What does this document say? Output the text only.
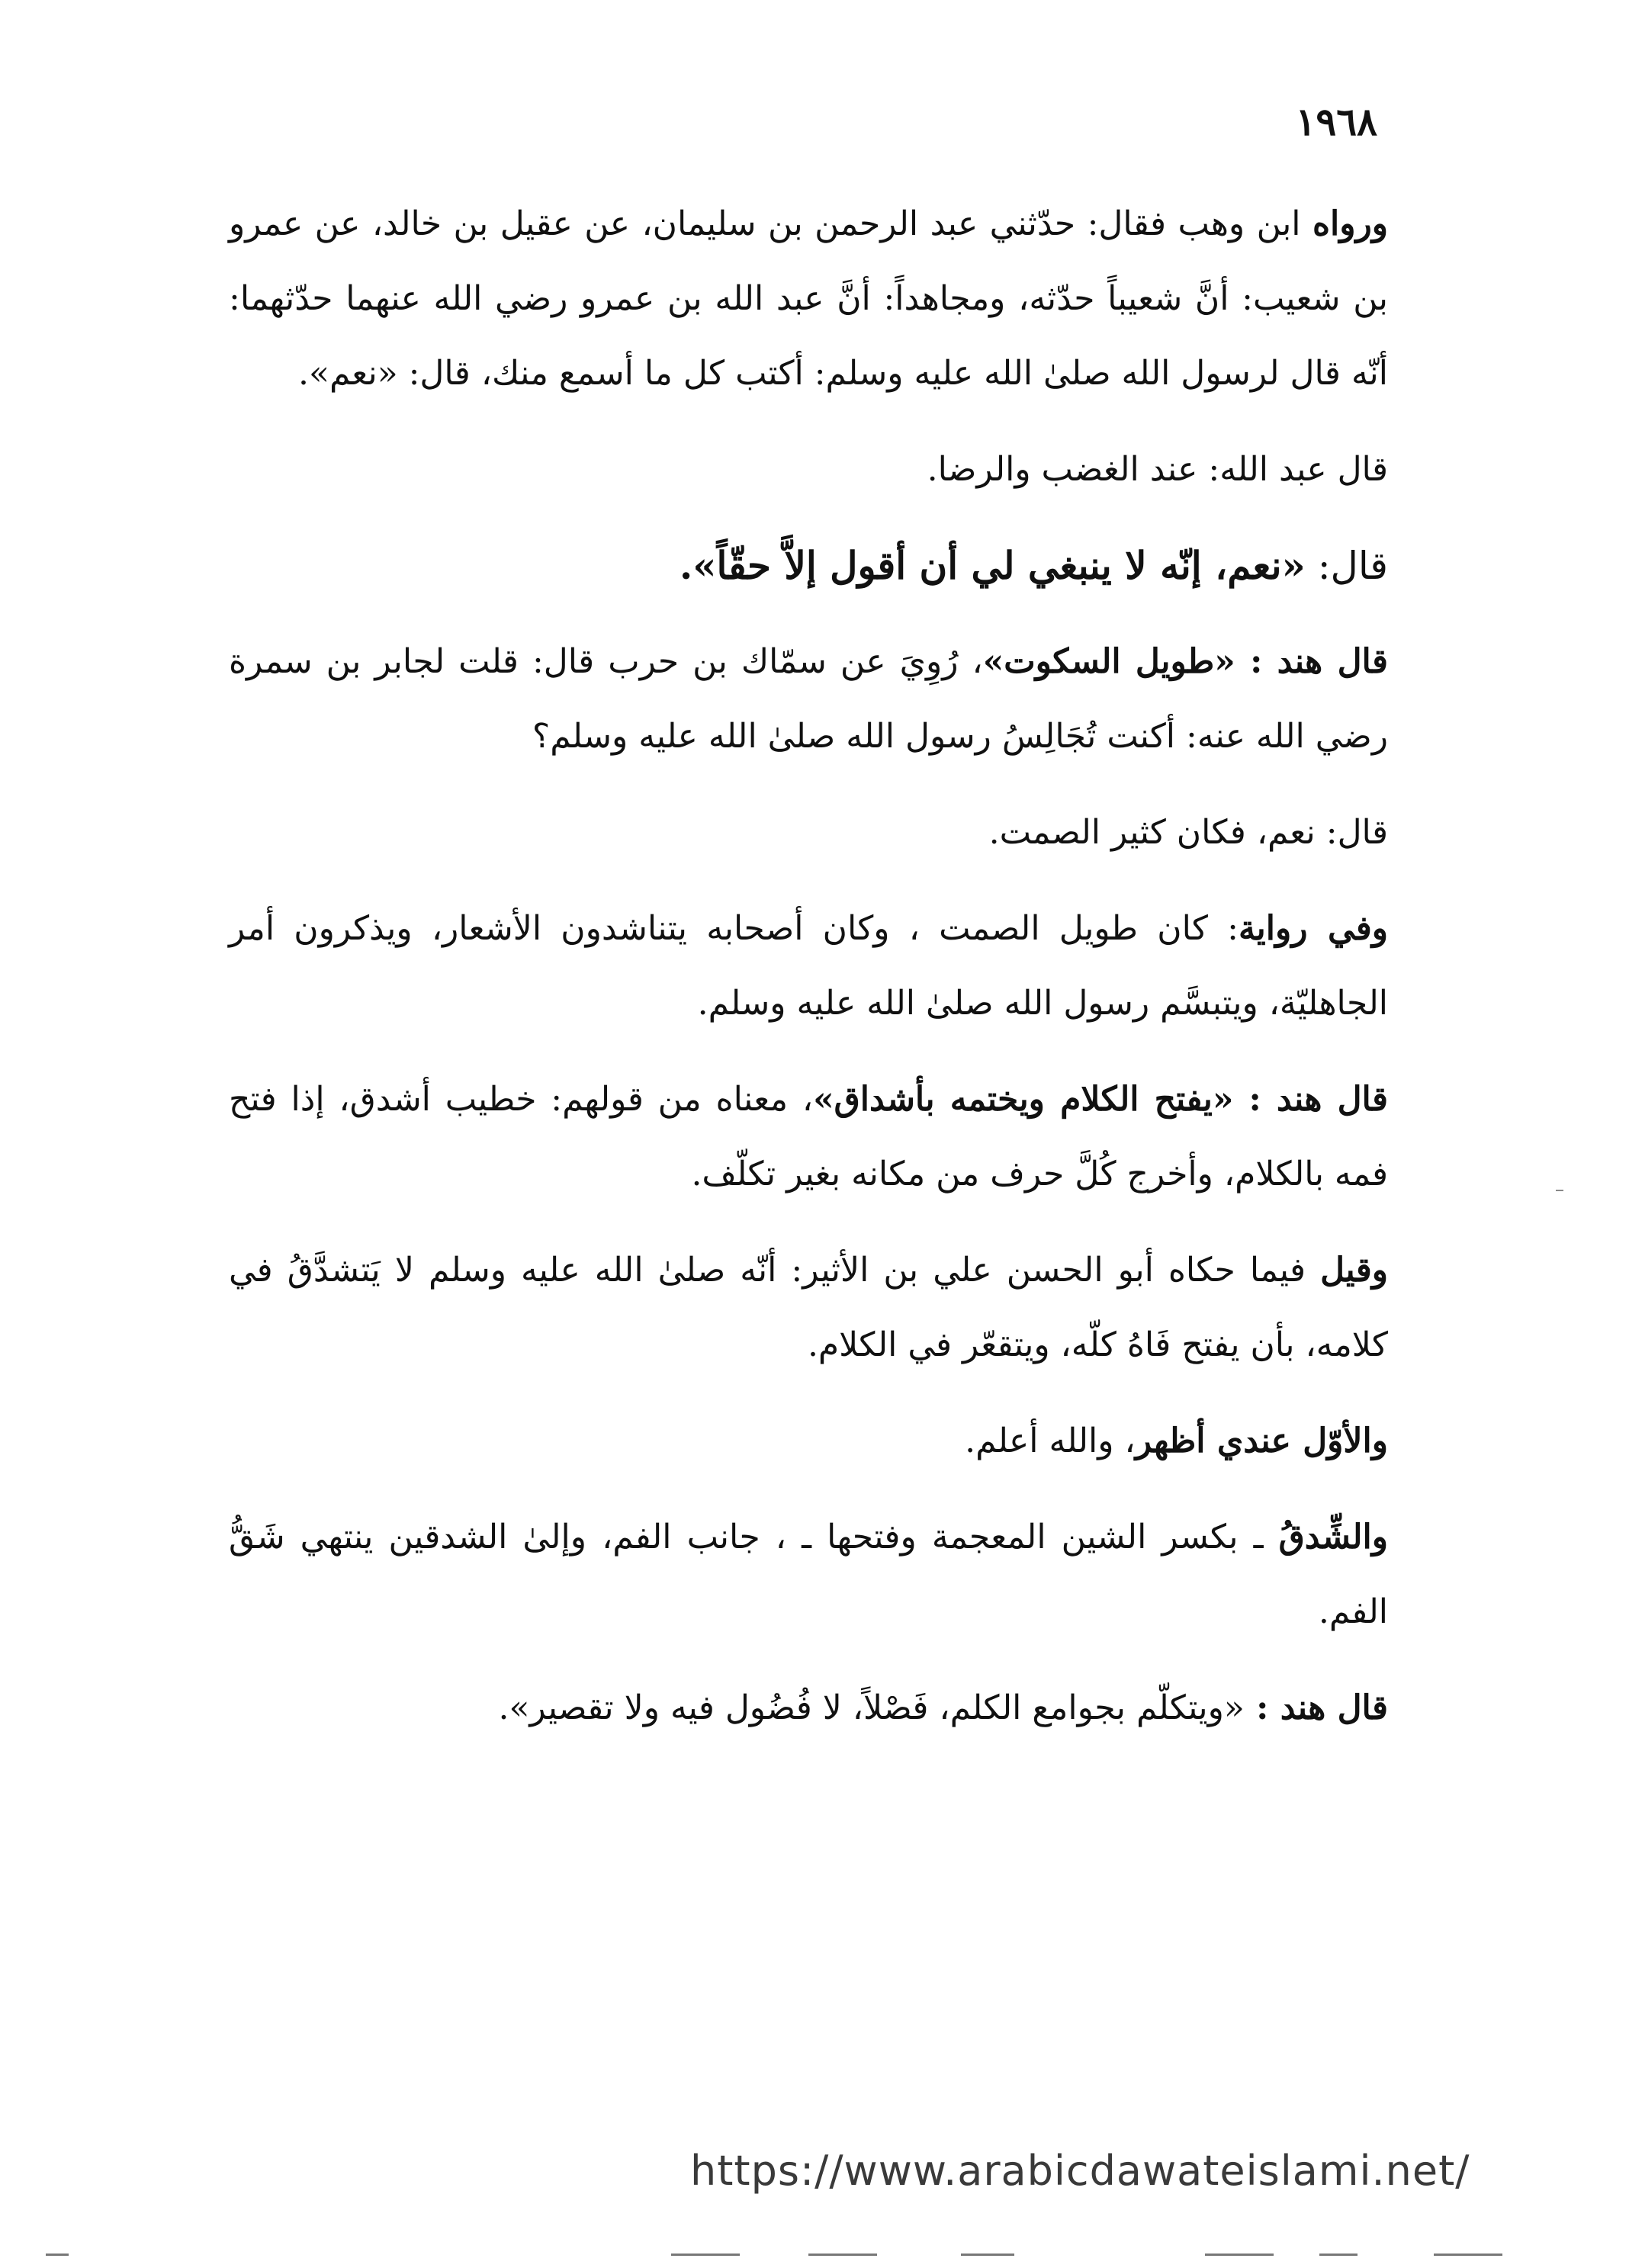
١٩٦٨

ورواه ابن وهب فقال: حدّثني عبد الرحمن بن سليمان، عن عقيل بن خالد، عن عمرو بن شعيب: أنَّ شعيباً حدّثه، ومجاهداً: أنَّ عبد الله بن عمرو رضي الله عنهما حدّثهما: أنّه قال لرسول الله صلىٰ الله عليه وسلم: أكتب كل ما أسمع منك، قال: «نعم».

قال عبد الله: عند الغضب والرضا.

قال: «نعم، إنّه لا ينبغي لي أن أقول إلاَّ حقّاً».

قال هند : «طويل السكوت»، رُوِيَ عن سمّاك بن حرب قال: قلت لجابر بن سمرة رضي الله عنه: أكنت تُجَالِسُ رسول الله صلىٰ الله عليه وسلم؟

قال: نعم، فكان كثير الصمت.

وفي رواية: كان طويل الصمت ، وكان أصحابه يتناشدون الأشعار، ويذكرون أمر الجاهليّة، ويتبسَّم رسول الله صلىٰ الله عليه وسلم.

قال هند : «يفتح الكلام ويختمه بأشداق»، معناه من قولهم: خطيب أشدق، إذا فتح فمه بالكلام، وأخرج كُلَّ حرف من مكانه بغير تكلّف.

وقيل فيما حكاه أبو الحسن علي بن الأثير: أنّه صلىٰ الله عليه وسلم لا يَتشدَّقُ في كلامه، بأن يفتح فَاهُ كلّه، ويتقعّر في الكلام.

والأوّل عندي أظهر، والله أعلم.

والشِّدقُ ـ بكسر الشين المعجمة وفتحها ـ ، جانب الفم، وإلىٰ الشدقين ينتهي شَقُّ الفم.

قال هند : «ويتكلّم بجوامع الكلم، فَصْلاً، لا فُضُول فيه ولا تقصير».

https://www.arabicdawateislami.net/
